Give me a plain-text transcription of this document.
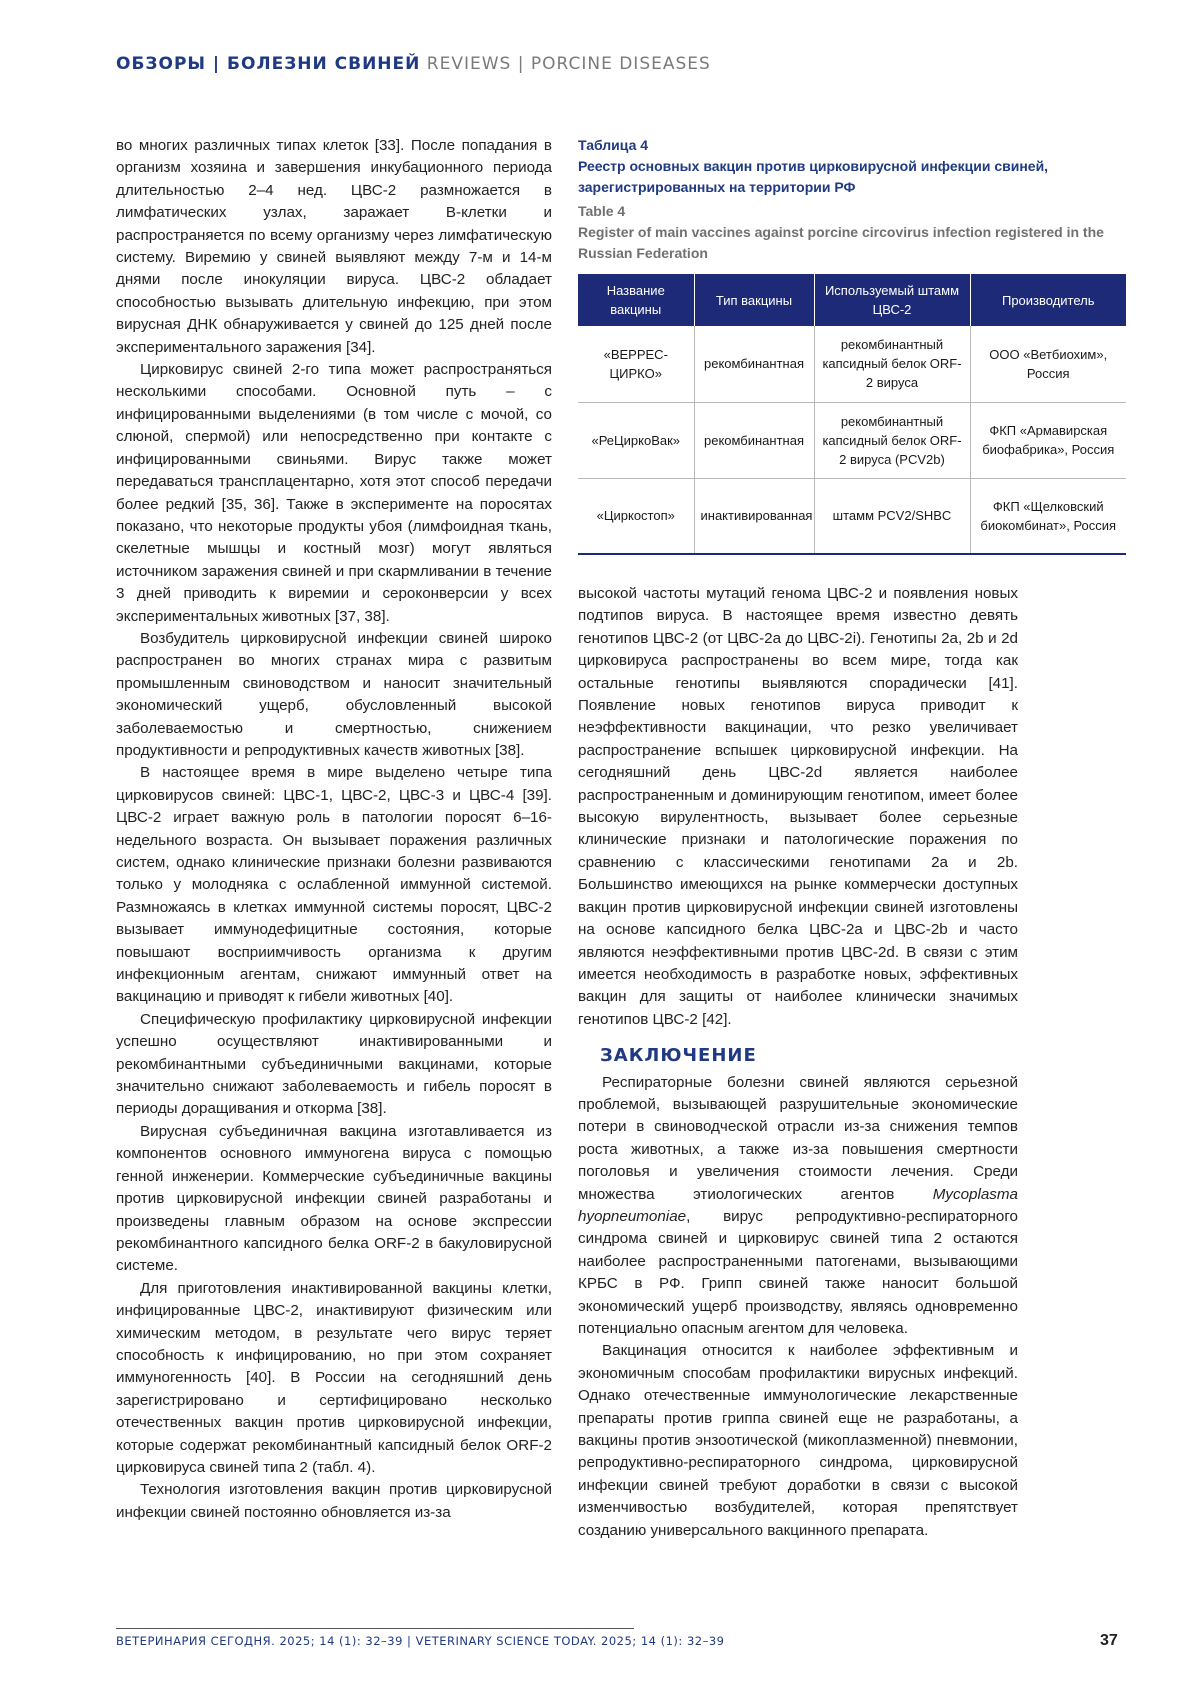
ОБЗОРЫ | БОЛЕЗНИ СВИНЕЙ REVIEWS | PORCINE DISEASES

во многих различных типах клеток [33]. После попадания в организм хозяина и завершения инкубационного периода длительностью 2–4 нед. ЦВС-2 размножается в лимфатических узлах, заражает В-клетки и распространяется по всему организму через лимфатическую систему. Виремию у свиней выявляют между 7-м и 14-м днями после инокуляции вируса. ЦВС-2 обладает способностью вызывать длительную инфекцию, при этом вирусная ДНК обнаруживается у свиней до 125 дней после экспериментального заражения [34].

Цирковирус свиней 2-го типа может распространяться несколькими способами. Основной путь – с инфицированными выделениями (в том числе с мочой, со слюной, спермой) или непосредственно при контакте с инфицированными свиньями. Вирус также может передаваться трансплацентарно, хотя этот способ передачи более редкий [35, 36]. Также в эксперименте на поросятах показано, что некоторые продукты убоя (лимфоидная ткань, скелетные мышцы и костный мозг) могут являться источником заражения свиней и при скармливании в течение 3 дней приводить к виремии и сероконверсии у всех экспериментальных животных [37, 38].

Возбудитель цирковирусной инфекции свиней широко распространен во многих странах мира с развитым промышленным свиноводством и наносит значительный экономический ущерб, обусловленный высокой заболеваемостью и смертностью, снижением продуктивности и репродуктивных качеств животных [38].

В настоящее время в мире выделено четыре типа цирковирусов свиней: ЦВС-1, ЦВС-2, ЦВС-3 и ЦВС-4 [39]. ЦВС-2 играет важную роль в патологии поросят 6–16-недельного возраста. Он вызывает поражения различных систем, однако клинические признаки болезни развиваются только у молодняка с ослабленной иммунной системой. Размножаясь в клетках иммунной системы поросят, ЦВС-2 вызывает иммунодефицитные состояния, которые повышают восприимчивость организма к другим инфекционным агентам, снижают иммунный ответ на вакцинацию и приводят к гибели животных [40].

Специфическую профилактику цирковирусной инфекции успешно осуществляют инактивированными и рекомбинантными субъединичными вакцинами, которые значительно снижают заболеваемость и гибель поросят в периоды доращивания и откорма [38].

Вирусная субъединичная вакцина изготавливается из компонентов основного иммуногена вируса с помощью генной инженерии. Коммерческие субъединичные вакцины против цирковирусной инфекции свиней разработаны и произведены главным образом на основе экспрессии рекомбинантного капсидного белка ORF-2 в бакуловирусной системе.

Для приготовления инактивированной вакцины клетки, инфицированные ЦВС-2, инактивируют физическим или химическим методом, в результате чего вирус теряет способность к инфицированию, но при этом сохраняет иммуногенность [40]. В России на сегодняшний день зарегистрировано и сертифицировано несколько отечественных вакцин против цирковирусной инфекции, которые содержат рекомбинантный капсидный белок ORF-2 цирковируса свиней типа 2 (табл. 4).

Технология изготовления вакцин против цирковирусной инфекции свиней постоянно обновляется из-за

Таблица 4
Реестр основных вакцин против цирковирусной инфекции свиней, зарегистрированных на территории РФ
Table 4
Register of main vaccines against porcine circovirus infection registered in the Russian Federation
Название вакцины	Тип вакцины	Используемый штамм ЦВС-2	Производитель
«ВЕРРЕС-ЦИРКО»	рекомбинантная	рекомбинантный капсидный белок ORF-2 вируса	ООО «Ветбиохим», Россия
«РеЦиркоВак»	рекомбинантная	рекомбинантный капсидный белок ORF-2 вируса (PCV2b)	ФКП «Армавирская биофабрика», Россия
«Циркостоп»	инактивированная	штамм PCV2/SHBC	ФКП «Щелковский биокомбинат», Россия

высокой частоты мутаций генома ЦВС-2 и появления новых подтипов вируса. В настоящее время известно девять генотипов ЦВС-2 (от ЦВС-2а до ЦВС-2i). Генотипы 2a, 2b и 2d цирковируса распространены во всем мире, тогда как остальные генотипы выявляются спорадически [41]. Появление новых генотипов вируса приводит к неэффективности вакцинации, что резко увеличивает распространение вспышек цирковирусной инфекции. На сегодняшний день ЦВС-2d является наиболее распространенным и доминирующим генотипом, имеет более высокую вирулентность, вызывает более серьезные клинические признаки и патологические поражения по сравнению с классическими генотипами 2a и 2b. Большинство имеющихся на рынке коммерчески доступных вакцин против цирковирусной инфекции свиней изготовлены на основе капсидного белка ЦВС-2a и ЦВС-2b и часто являются неэффективными против ЦВС-2d. В связи с этим имеется необходимость в разработке новых, эффективных вакцин для защиты от наиболее клинически значимых генотипов ЦВС-2 [42].

ЗАКЛЮЧЕНИЕ

Респираторные болезни свиней являются серьезной проблемой, вызывающей разрушительные экономические потери в свиноводческой отрасли из-за снижения темпов роста животных, а также из-за повышения смертности поголовья и увеличения стоимости лечения. Среди множества этиологических агентов Mycoplasma hyopneumoniae, вирус репродуктивно-респираторного синдрома свиней и цирковирус свиней типа 2 остаются наиболее распространенными патогенами, вызывающими КРБС в РФ. Грипп свиней также наносит большой экономический ущерб производству, являясь одновременно потенциально опасным агентом для человека.

Вакцинация относится к наиболее эффективным и экономичным способам профилактики вирусных инфекций. Однако отечественные иммунологические лекарственные препараты против гриппа свиней еще не разработаны, а вакцины против энзоотической (микоплазменной) пневмонии, репродуктивно-респираторного синдрома, цирковирусной инфекции свиней требуют доработки в связи с высокой изменчивостью возбудителей, которая препятствует созданию универсального вакцинного препарата.

ВЕТЕРИНАРИЯ СЕГОДНЯ. 2025; 14 (1): 32–39 | VETERINARY SCIENCE TODAY. 2025; 14 (1): 32–39	37
